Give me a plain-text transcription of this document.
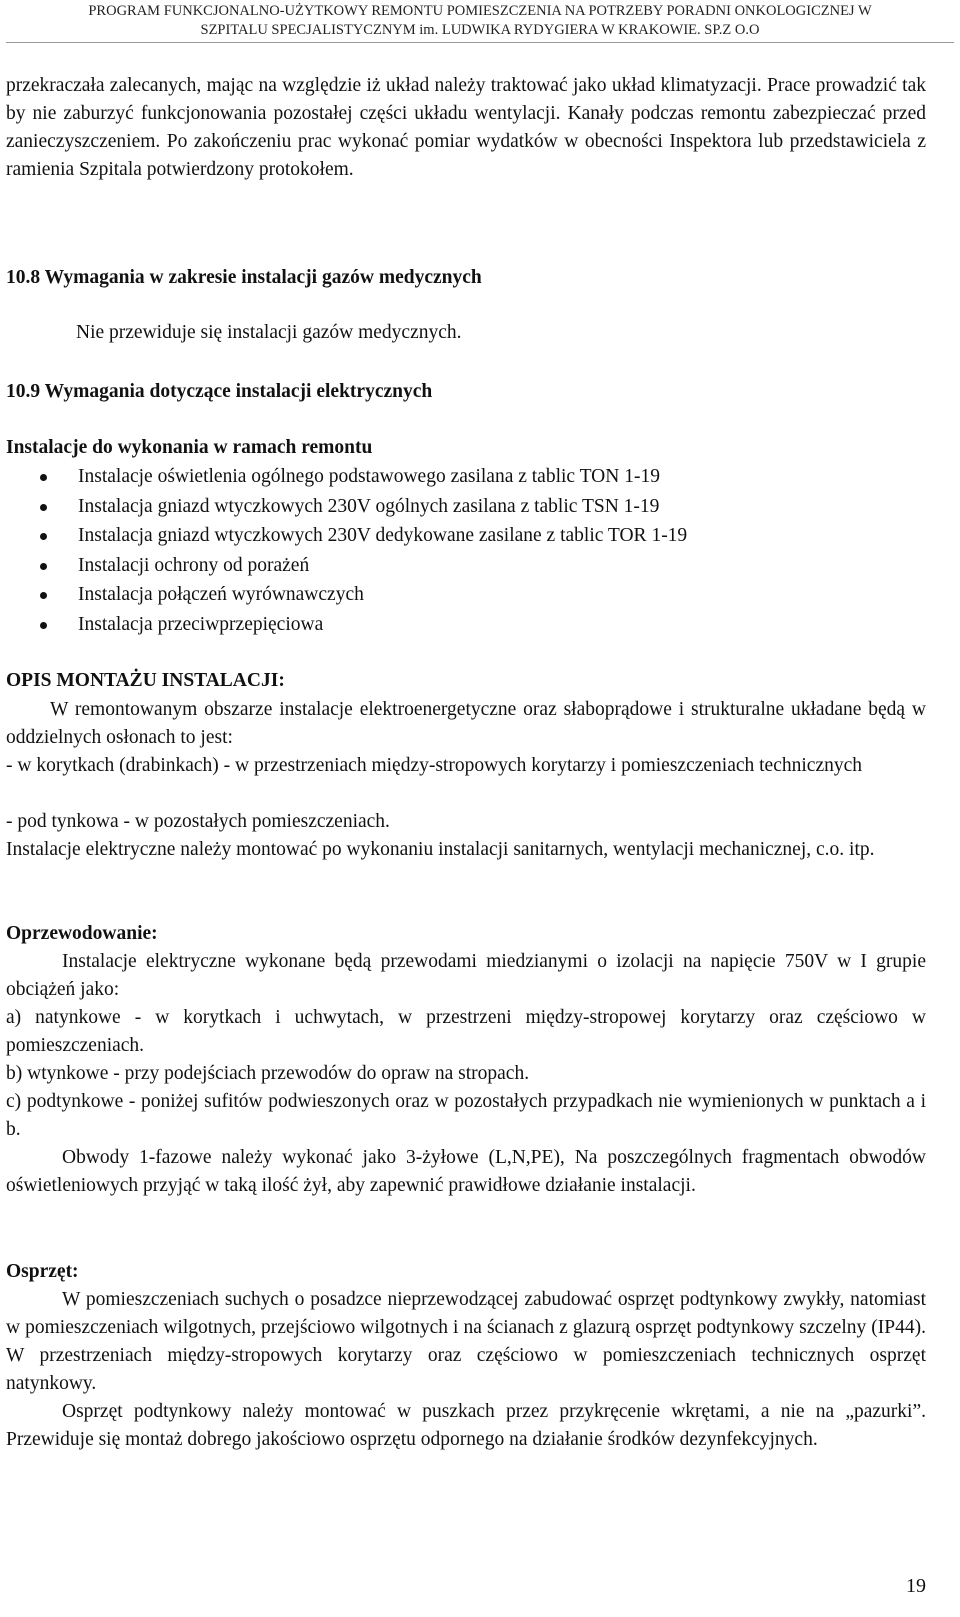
PROGRAM FUNKCJONALNO-UŻYTKOWY REMONTU POMIESZCZENIA NA POTRZEBY PORADNI ONKOLOGICZNEJ W
SZPITALU SPECJALISTYCZNYM im. LUDWIKA RYDYGIERA W KRAKOWIE. SP.Z O.O
przekraczała zalecanych, mając na względzie iż układ należy traktować jako układ klimatyzacji. Prace prowadzić tak by nie zaburzyć funkcjonowania pozostałej części układu wentylacji. Kanały podczas remontu zabezpieczać przed zanieczyszczeniem. Po zakończeniu prac wykonać pomiar wydatków w obecności Inspektora lub przedstawiciela z ramienia Szpitala potwierdzony protokołem.
10.8 Wymagania w zakresie instalacji gazów medycznych
Nie przewiduje się instalacji gazów medycznych.
10.9 Wymagania dotyczące instalacji elektrycznych
Instalacje do wykonania w ramach remontu
Instalacje oświetlenia ogólnego podstawowego zasilana z tablic TON 1-19
Instalacja gniazd wtyczkowych 230V ogólnych zasilana z tablic TSN 1-19
Instalacja gniazd wtyczkowych 230V dedykowane zasilane z tablic TOR 1-19
Instalacji ochrony od porażeń
Instalacja połączeń wyrównawczych
Instalacja przeciwprzepięciowa
OPIS MONTAŻU INSTALACJI:
W remontowanym obszarze instalacje elektroenergetyczne oraz słaboprądowe i strukturalne układane będą w oddzielnych osłonach to jest:
- w korytkach (drabinkach) - w przestrzeniach między-stropowych korytarzy i pomieszczeniach technicznych
- pod tynkowa - w pozostałych pomieszczeniach.
Instalacje elektryczne należy montować po wykonaniu instalacji sanitarnych, wentylacji mechanicznej, c.o. itp.
Oprzewodowanie:
Instalacje elektryczne wykonane będą przewodami miedzianymi o izolacji na napięcie 750V w I grupie obciążeń jako:
a) natynkowe - w korytkach i uchwytach, w przestrzeni między-stropowej korytarzy oraz częściowo w pomieszczeniach.
b) wtynkowe - przy podejściach przewodów do opraw na stropach.
c) podtynkowe - poniżej sufitów podwieszonych oraz w pozostałych przypadkach nie wymienionych w punktach a i b.
Obwody 1-fazowe należy wykonać jako 3-żyłowe (L,N,PE), Na poszczególnych fragmentach obwodów oświetleniowych przyjąć w taką ilość żył, aby zapewnić prawidłowe działanie instalacji.
Osprzęt:
W pomieszczeniach suchych o posadzce nieprzewodzącej zabudować osprzęt podtynkowy zwykły, natomiast w pomieszczeniach wilgotnych, przejściowo wilgotnych i na ścianach z glazurą osprzęt podtynkowy szczelny (IP44). W przestrzeniach między-stropowych korytarzy oraz częściowo w pomieszczeniach technicznych osprzęt natynkowy.
Osprzęt podtynkowy należy montować w puszkach przez przykręcenie wkrętami, a nie na „pazurki”. Przewiduje się montaż dobrego jakościowo osprzętu odpornego na działanie środków dezynfekcyjnych.
19
